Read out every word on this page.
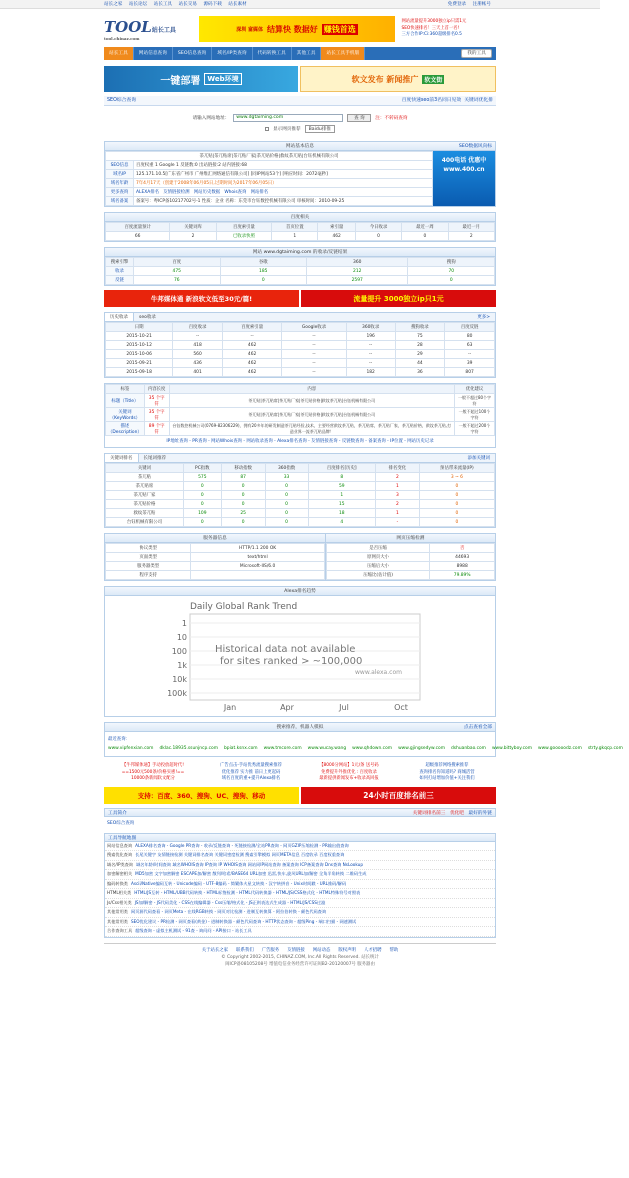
站长之家 站长论坛 站长工具 站长交易 源码下载 站长素材	免费登录 注册帐号
TOOL站长工具
tool.chinaz.com
深圳 富媒体 结算快 数据好 赚钱首选
网站流量提升3000独立ip只需1元
SEO快速排名！三天上首一名!
三方合作IP:Ci:360超级排名0.5
站长工具	网站信息查询	SEO信息查询	域名/IP类查询	代码转换工具	其他工具	站长工具手机版	我的工具
一键部署	Web环境	软文发布 新闻推广	软文街
SEO综合查询	百度快速seo前3名同日见效 关键词优化排
请输入网站地址：	www.dgtaiming.com	查 询	注：不转码查询
显示网页推荐	Baidu排推
网站基本信息	SEO数据风向标
茶兀贴|茶兀贴席|茶兀贴厂家|茶兀贴价格|救纹茶兀贴|台钰机械有限公司	
SEO信息	百度权重 1 Google 1 反链数:0 出站链接:2 站内链接:68
域名IP	125.171.10.5[广东省广州市 广州维汇网络通信有限公司] [同IP网站53个] [响应时间：2072毫秒]
域名年龄	7年4月17天（创建于2008年06月05日,过期时间为2017年06月05日）
更多查询	ALEXA排名 友情链接检测 网站历史数据 Whois查询 网站排名
域名备案	备案号：粤ICP备10217702号-1 性质：企业 名称：东莞市台钰数控机械有限公司 审核时间：2010-09-25
400电话 优惠中 www.400.cn
百度相关
百度流量预计	关键词库	百度索引量	首页位置	索引量	今日收录	最近一周	最近一月
66	2	已收录快照	1	462	0	0	2
网站 www.dgtaiming.com 的收录/反链结果
搜索引擎	百度	谷歌	360	搜狗
收录	475	185	212	70
反链	76	0	2597	0
牛邦媒体通 新浪软文低至30元/篇!	流量提升 3000独立ip只1元
历史收录	seo收录	更多>
日期	百度收录	百度索引量	Google收录	360收录	搜狗收录	百度反链
2015-10-21	--	--	--	196	75	80
2015-10-12	418	462	--	--	28	63
2015-10-06	560	462	--	--	29	--
2015-09-21	436	462	--	--	44	39
2015-09-18	401	462	--	182	36	807
标签	内容长度	内容	优化建议
标题（Title）	35 个字符	茶兀贴|茶兀贴席|茶兀贴厂家|茶兀贴价格|救纹茶兀贴|台钰机械有限公司	一般不超过80个字符
关键词（KeyWords）	35 个字符	茶兀贴|茶兀贴席|茶兀贴厂家|茶兀贴价格|救纹茶兀贴|台钰机械有限公司	一般不超过100个字符
描述（Description）	89 个字符	台钰数控机械公司(0769-82306229)，拥有20多年的研发制造茶兀贴经验,技术，主要经营救纹茶兀贴，茶兀贴席，茶兀贴厂家，茶兀贴价格，救纹茶兀贴,打造业界一流茶兀贴品牌！	一般不超过200个字符
IP地址查询 - PR查询 - 网站Whois查询 - 网站收录查询 - Alexa排名查询 - 友情链接查询 - 反链数查询 - 备案查询 - IP位置 - 网站历史记录
关键词排名	长尾词推荐	添加关键词
关键词	PC指数	移动指数	360指数	百度排名[历史]	排名变化	预估带来流量(IP)
茶兀贴	575	87	33	8	2	3 ~ 6
茶兀贴席	0	0	0	59	1	0
茶兀贴厂家	0	0	0	1	3	0
茶兀贴价格	0	0	0	15	2	0
救纹茶兀贴	109	25	0	18	1	0
台钰机械有限公司	0	0	0	4	-	0
服务器信息
协议类型	HTTP/1.1 200 OK
页面类型	text/html
服务器类型	Microsoft-IIS/6.0
程序支持	
网页压缩检测
是否压缩	否
原网页大小	44693
压缩后大小	8988
压缩比(估计值)	79.89%
Alexa排名趋势
Daily Global Rank Trend
1
10
100
1k
10k
100k
Jan	Apr	Jul	Oct
Historical data not available
for sites ranked > ~100,000
www.alexa.com
搜索推荐，机器人模拟	点击查看全部
最近查询：www.vipfenxian.com dklac.18935.ssunjncp.com bpiat.ksnx.com www.tmcore.com www.wucay.wang www.qhdown.com www.gjingsedyw.com dshuanbao.com www.bittyboy.com www.gooooodz.com strty.gkqcp.com
【牛邦媒体通】手动投放超时代!	广告点击-手站优秀流量搜索推荐	【8000分网站】1元/条 送号码	超级推荐网络搜索推荐
==1500元500条/价格实惠!==	优化推荐 实力推 前日上更起码	免费提升外推优化 : 百度收录	查询排名你知道吗? 商城活营
10000条新闻软文配分	域名百度的重+提升Alexa排名	最新提供新闻发布+收录高回报	如何打站增加价值+关注我们
支持：百度、360、搜狗、UC、搜狗、移动	24小时百度排名前三
工具简介	关键词排名前三 优化吧 最好的外链
SEO综合查询
工具导航地图
网站信息查询 ALEXA排名查询 - Google PR查询 - 收录/反链查询 - 死链接检测/全站PR查询 - 网页GZIP压缩检测 - PR输出值查询
搜索优化查询 长尾关键字 友情链接检测 关键词排名查询 关键词密度检测 搜索引擎模拟 网页META信息 百度收录 百度权重查询
域名/IP类查询 域名年龄/时间查询 域名WHOIS查询 IP查询 IP WHOIS查询 网站同IP网站查询 备案查询 ICP备案查询 Dns查询 NsLookup
加密解密相关 MD5加密 文字加密解密 ESCAPE加/解密 散列/哈希/BASE64 URL加密 迅雷,快车,旋风URL加/解密 全角半角转换 二维码生成
编码转换类 Ascii/Native编码互转 - Unicode编码 - UTF-8编码 - 简繁体火星文转换 - 汉字转拼音 - Unix时间戳 - URL推码/解码
HTML相关类 HTML/JS互转 - HTML/UBB代码转换 - HTML标签检测 - HTML代码转换器 - HTML/JS/CSS格式化 - HTML特殊符号对照表
Js/Css相关类 JS加/解密 - JS代码美化 - CSS在线编辑器 - Css压缩/格式化 - JS正则表达式生成器 - HTML/JS/CSS过滤
其他常用类 网页源代码查看 - 网页Meta - 在线RGB转换 - 网页对比检测 - 进制互转换算 - 阿拉伯转换 - 颜色代码查询
其他常用类 SEO优化建议 - PR检测 - 网页查看(黄金) - 进制转换器 - 颜色代码查询 - HTTP状态查询 - 超级Ping - 端口扫描 - 网速测试
合作查询工具 超级查询 - 虚拟主机测试 - 91查 - 询问问 - API接口 - 站长工具
关于站长之家 联系我们 广告服务 友情链接 网站动态 版权声明 人才招聘 帮助
© Copyright 2002-2015, CHINAZ.COM, Inc.All Rights Reserved. 站长统计
闽ICP备08105208号 增值电信业务经营许可证闽B2-20120007号 服务器由
